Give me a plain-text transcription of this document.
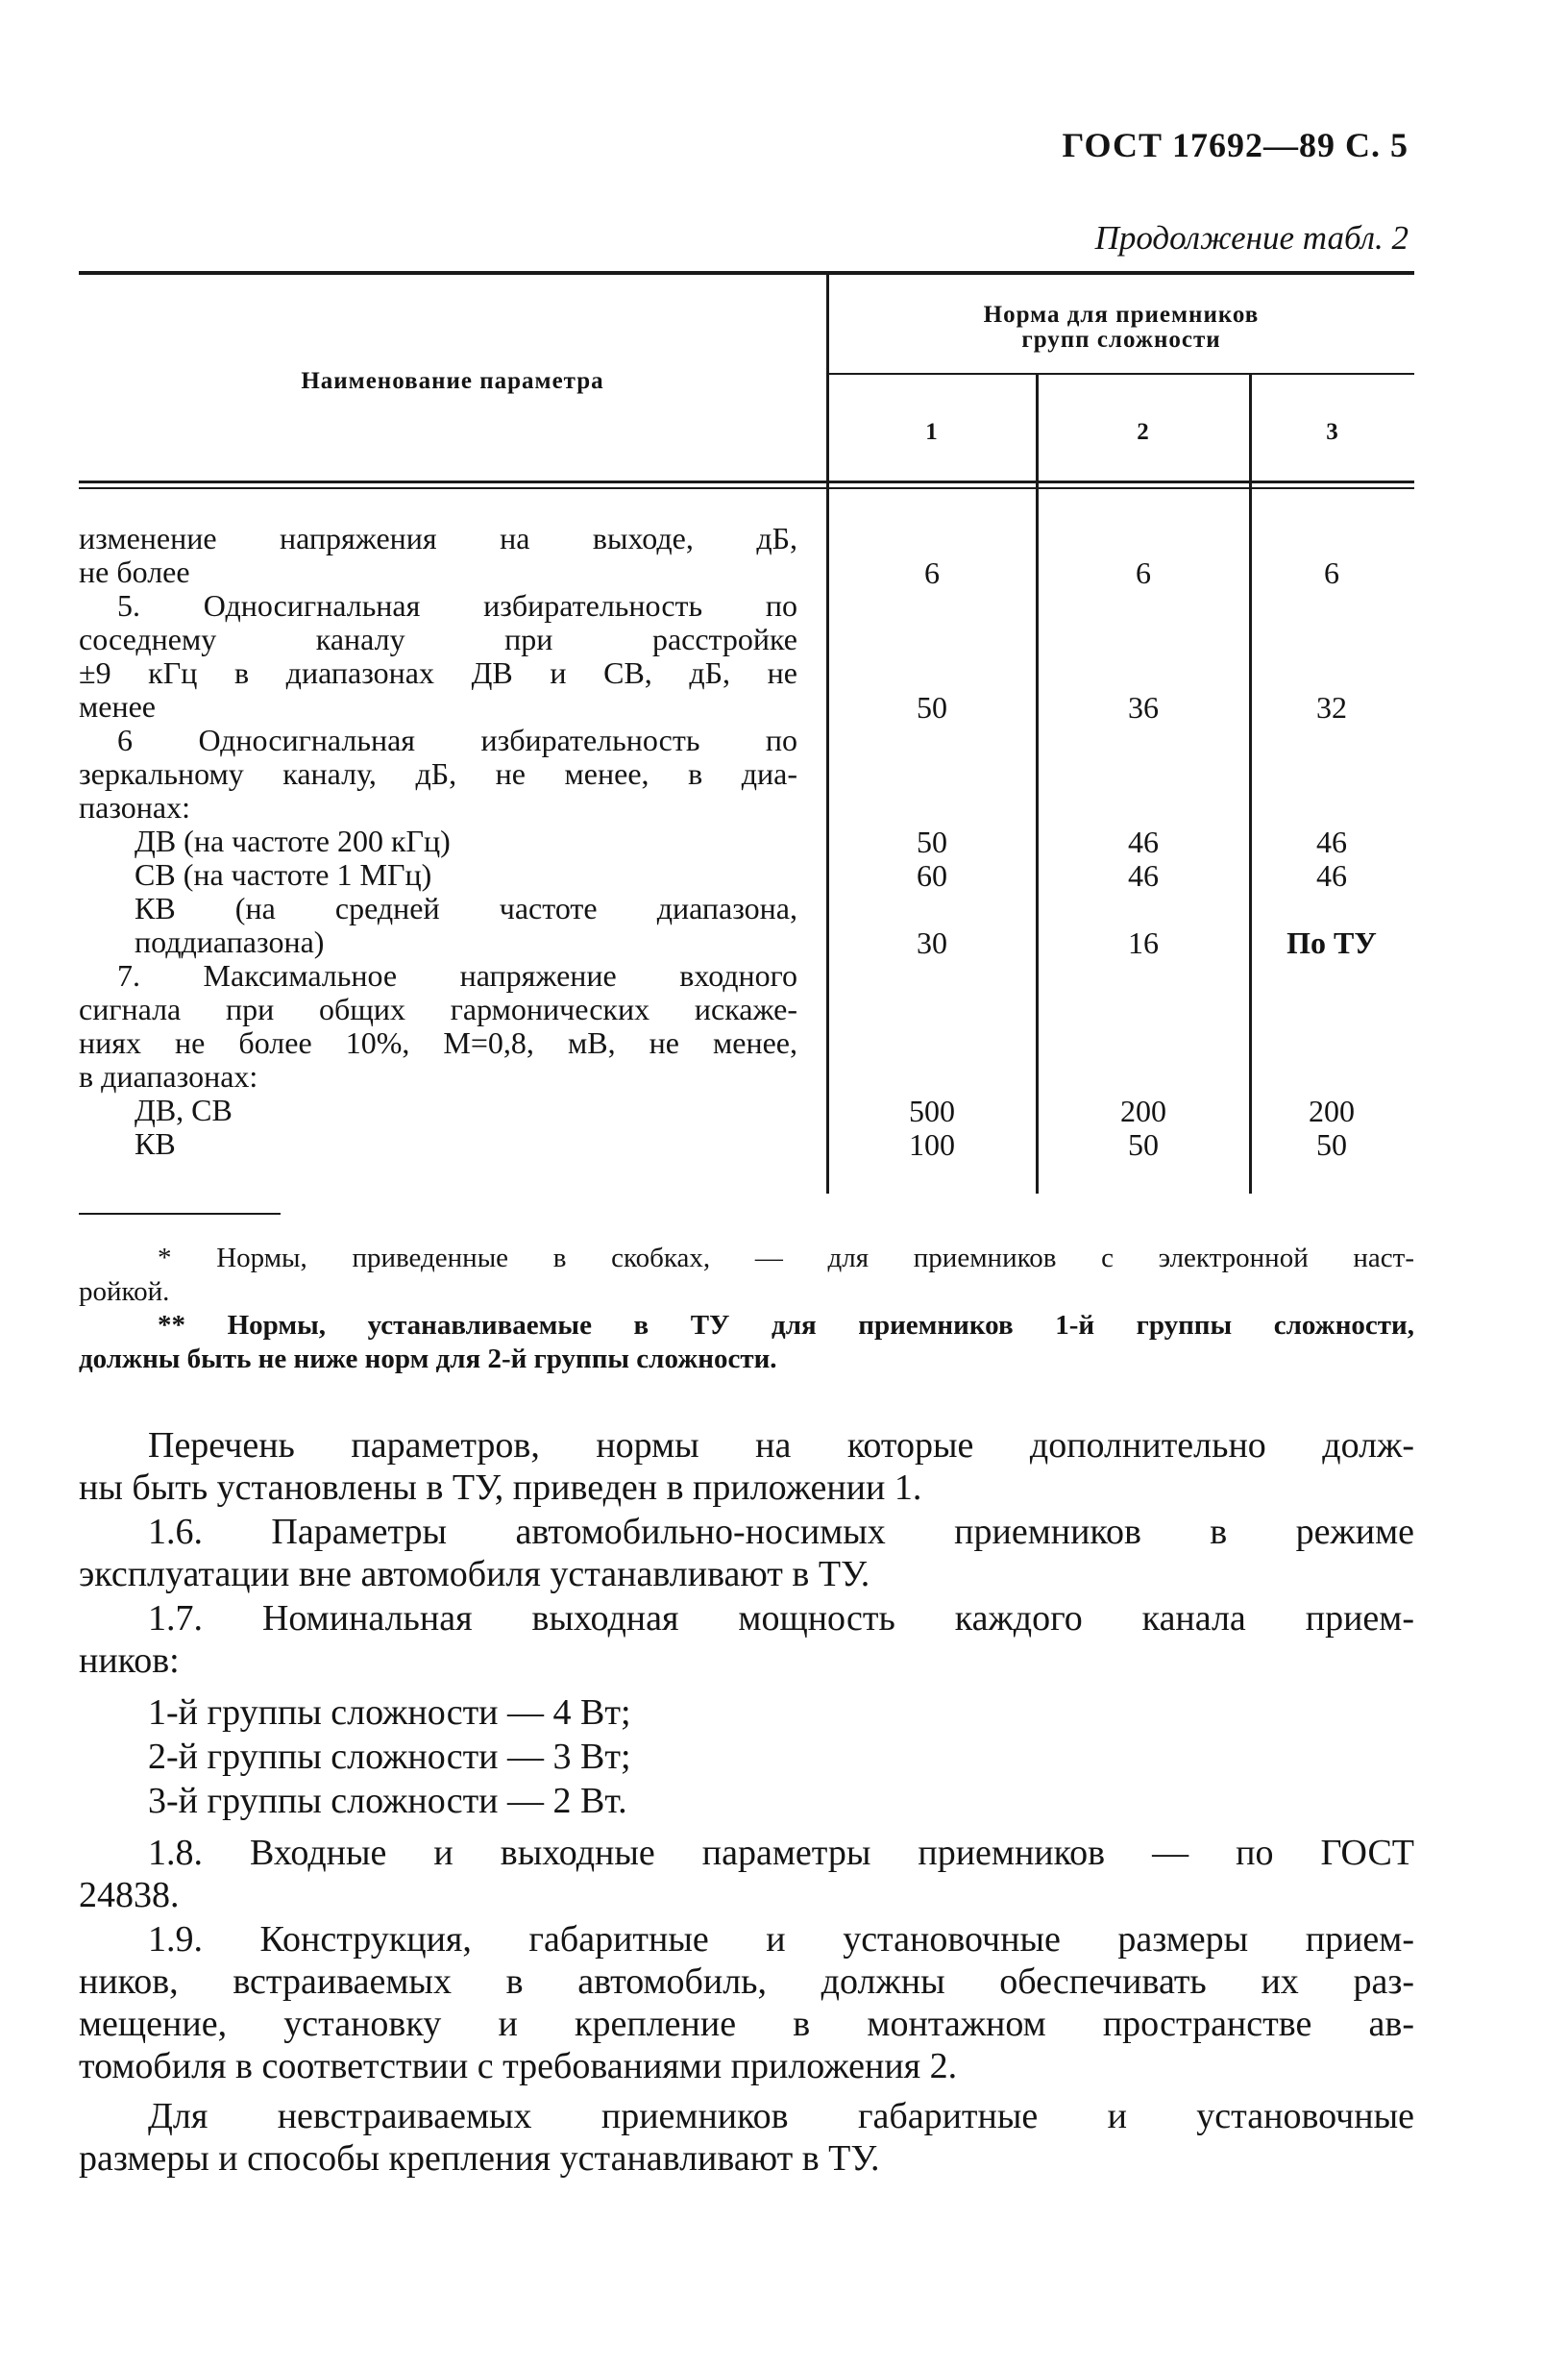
ГОСТ 17692—89 С. 5
Продолжение табл. 2
Наименование параметра
Норма для приемников
групп сложности
1	2	3
изменение напряжения на выходе, дБ,
не более	6	6	6
5. Односигнальная избирательность по
соседнему каналу при расстройке
±9 кГц в диапазонах ДВ и СВ, дБ, не
менее	50	36	32
6 Односигнальная избирательность по
зеркальному каналу, дБ, не менее, в диа-
пазонах:
ДВ (на частоте 200 кГц)	50	46	46
СВ (на частоте 1 МГц)	60	46	46
КВ (на средней частоте диапазона,
поддиапазона)	30	16	По ТУ
7. Максимальное напряжение входного
сигнала при общих гармонических искаже-
ниях не более 10%, М=0,8, мВ, не менее,
в диапазонах:
ДВ, СВ	500	200	200
КВ	100	50	50
* Нормы, приведенные в скобках, — для приемников с электронной наст-
ройкой.
** Нормы, устанавливаемые в ТУ для приемников 1-й группы сложности,
должны быть не ниже норм для 2-й группы сложности.
Перечень параметров, нормы на которые дополнительно долж-
ны быть установлены в ТУ, приведен в приложении 1.
1.6. Параметры автомобильно-носимых приемников в режиме
эксплуатации вне автомобиля устанавливают в ТУ.
1.7. Номинальная выходная мощность каждого канала прием-
ников:
1-й группы сложности — 4 Вт;
2-й группы сложности — 3 Вт;
3-й группы сложности — 2 Вт.
1.8. Входные и выходные параметры приемников — по ГОСТ
24838.
1.9. Конструкция, габаритные и установочные размеры прием-
ников, встраиваемых в автомобиль, должны обеспечивать их раз-
мещение, установку и крепление в монтажном пространстве ав-
томобиля в соответствии с требованиями приложения 2.
Для невстраиваемых приемников габаритные и установочные
размеры и способы крепления устанавливают в ТУ.
